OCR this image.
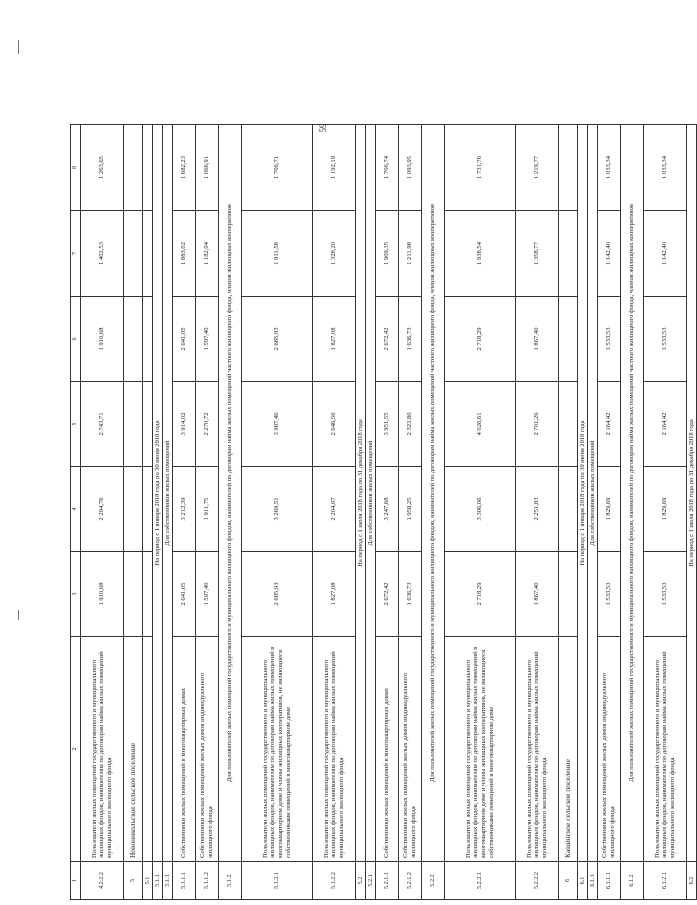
59
1	2	3	4	5	6	7	8
4.2.2.2	Пользователи жилых помещений государственного и муниципального жилищных фондов, нанимателям по договорам найма жилых помещений муниципального жилищного фонда	1 910,68	2 294,76	2 743,71	1 910,68	1 402,53	1 263,65
5	Новоникольское сельское поселение						
5.1							
5.1.1	На период с 1 января 2018 года по 30 июня 2018 года						
5.1.1	Для собственников жилых помещений						
5.1.1.1	Собственники жилых помещений в многоквартирных домах	2 641,05	3 212,39	3 914,02	2 641,05	1 883,02	1 682,23
5.1.1.2	Собственники жилых помещений жилых домов индивидуального жилищного фонда	1 597,40	1 911,75	2 270,72	1 597,40	1 182,04	1 066,91
5.1.2	Для пользователей жилых помещений государственного и муниципального жилищного фондов, нанимателей по договорам найма жилых помещений частного жилищного фонда, членов жилищных кооперативов						
5.1.2.1	Пользователи жилых помещений государственного и муниципального жилищных фондов, нанимателям по договорам найма жилых помещений в многоквартирном доме и члены жилищных кооперативов, не являющиеся собственниками помещений в многоквартирном доме	2 685,93	3 269,51	3 987,46	2 685,93	1 911,58	1 706,71
5.1.2.2	Пользователи жилых помещений государственного и муниципального жилищных фондов, нанимателям по договорам найма жилых помещений муниципального жилищного фонда	1 827,08	2 204,07	2 646,56	1 827,08	1 328,20	1 192,19
5.2	На период с 1 июля 2018 года по 31 декабря 2018 года						
5.2.1	Для собственников жилых помещений						
5.2.1.1	Собственники жилых помещений в многоквартирных домах	2 672,42	3 247,68	3 951,55	2 672,42	1 909,35	1 706,74
5.2.1.2	Собственники жилых помещений жилых домов индивидуального жилищного фонда	1 636,73	1 958,25	2 323,80	1 636,73	1 211,98	1 093,95
5.2.2	Для пользователей жилых помещений государственного и муниципального жилищного фондов, нанимателей по договорам найма жилых помещений частного жилищного фонда, членов жилищных кооперативов						
5.2.2.1	Пользователи жилых помещений государственного и муниципального жилищных фондов, нанимателям по договорам найма жилых помещений в многоквартирном доме и члены жилищных кооперативов, не являющиеся собственниками помещений в многоквартирном доме	2 718,29	3 306,06	4 026,61	2 718,29	1 938,54	1 731,76
5.2.2.2	Пользователи жилых помещений государственного и муниципального жилищных фондов, нанимателям по договорам найма жилых помещений муниципального жилищного фонда	1 867,40	2 251,83	2 701,26	1 867,40	1 358,77	1 219,77
6	Кашинское сельское поселение						
6.1	На период с 1 января 2018 года по 30 июня 2018 года						
6.1.1	Для собственников жилых помещений						
6.1.1.1	Собственники жилых помещений жилых домов индивидуального жилищного фонда	1 533,53	1 829,69	2 164,42	1 533,53	1 142,40	1 033,34
6.1.2	Для пользователей жилых помещений государственного и муниципального жилищного фондов, нанимателей по договорам найма жилых помещений частного жилищного фонда, членов жилищных кооперативов						
6.1.2.1	Пользователи жилых помещений государственного и муниципального жилищных фондов, нанимателям по договорам найма жилых помещений муниципального жилищного фонда	1 533,53	1 829,69	2 164,42	1 533,53	1 142,40	1 033,34
6.2	На период с 1 июля 2018 года по 31 декабря 2018 года						
